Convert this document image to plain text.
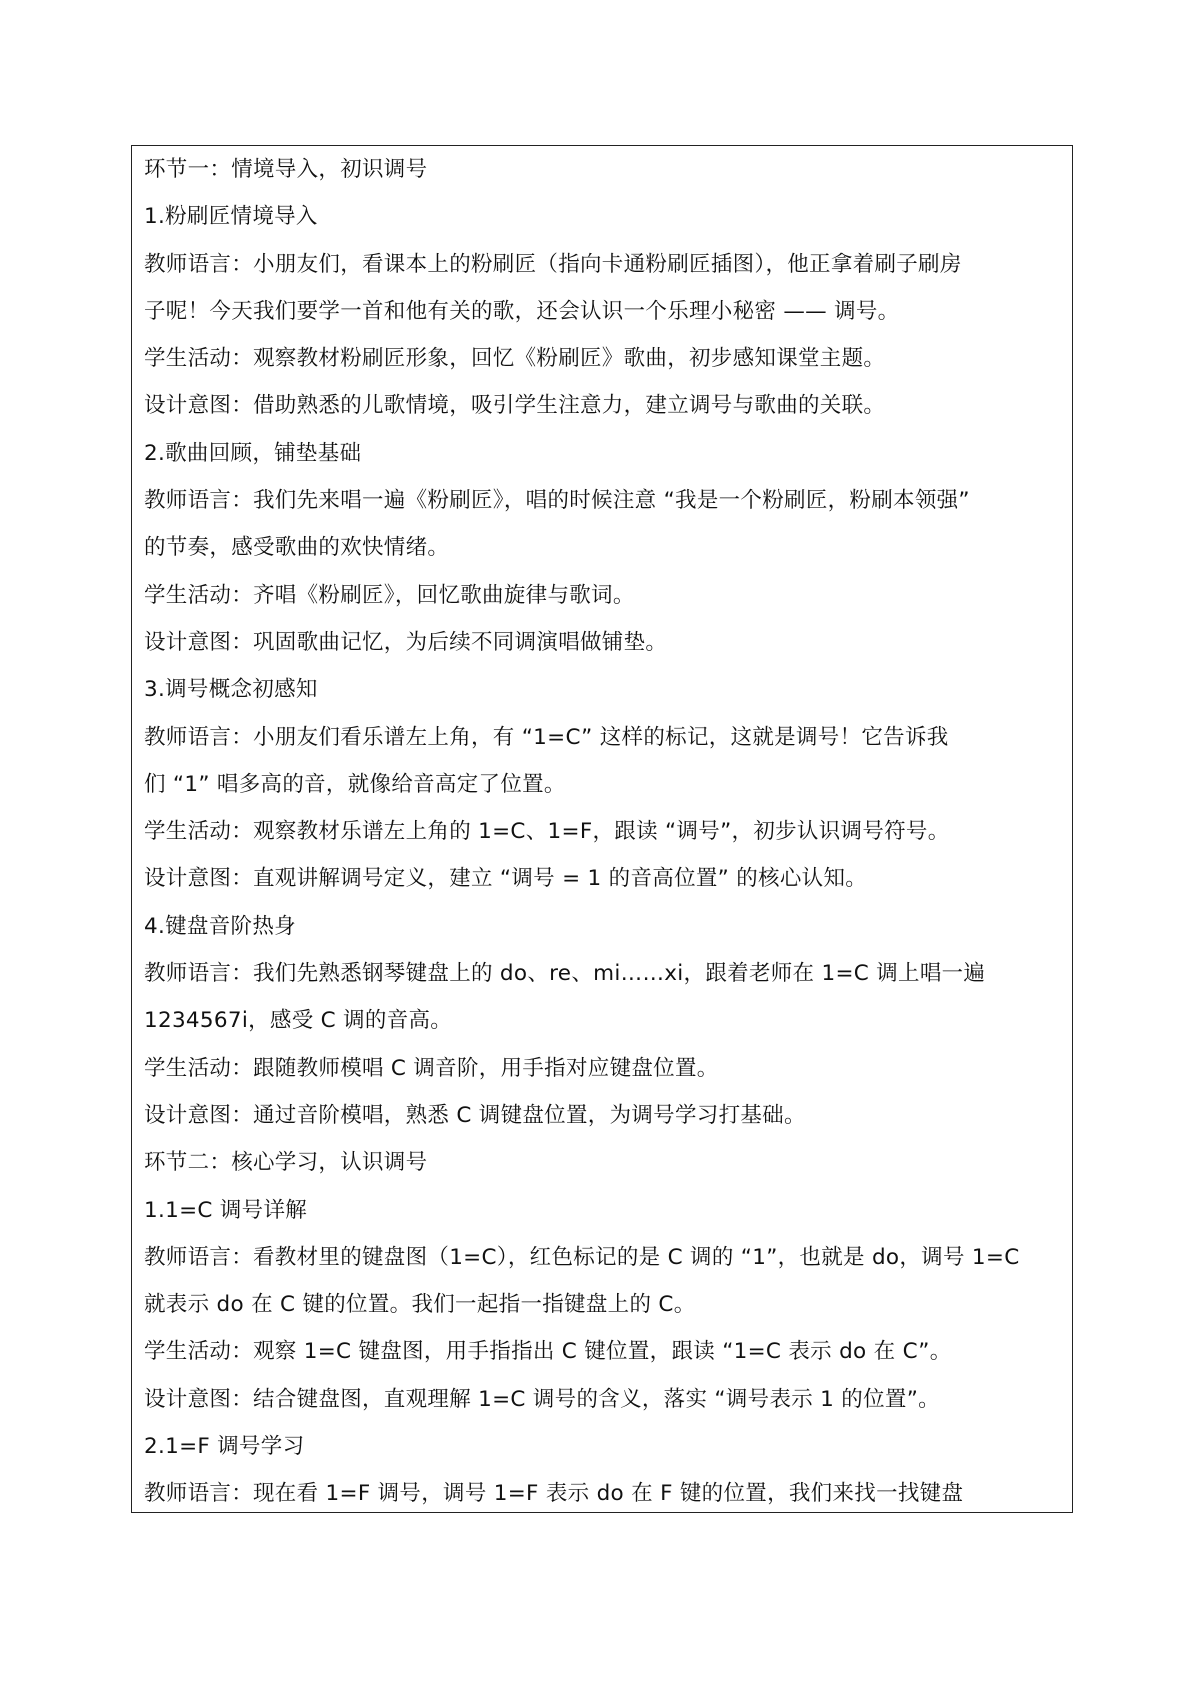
环节一：情境导入，初识调号
1.粉刷匠情境导入
教师语言：小朋友们，看课本上的粉刷匠（指向卡通粉刷匠插图），他正拿着刷子刷房
子呢！今天我们要学一首和他有关的歌，还会认识一个乐理小秘密 —— 调号。
学生活动：观察教材粉刷匠形象，回忆《粉刷匠》歌曲，初步感知课堂主题。
设计意图：借助熟悉的儿歌情境，吸引学生注意力，建立调号与歌曲的关联。
2.歌曲回顾，铺垫基础
教师语言：我们先来唱一遍《粉刷匠》，唱的时候注意 “我是一个粉刷匠，粉刷本领强”
的节奏，感受歌曲的欢快情绪。
学生活动：齐唱《粉刷匠》，回忆歌曲旋律与歌词。
设计意图：巩固歌曲记忆，为后续不同调演唱做铺垫。
3.调号概念初感知
教师语言：小朋友们看乐谱左上角，有 “1=C” 这样的标记，这就是调号！它告诉我
们 “1” 唱多高的音，就像给音高定了位置。
学生活动：观察教材乐谱左上角的 1=C、1=F，跟读 “调号”，初步认识调号符号。
设计意图：直观讲解调号定义，建立 “调号 = 1 的音高位置” 的核心认知。
4.键盘音阶热身
教师语言：我们先熟悉钢琴键盘上的 do、re、mi……xi，跟着老师在 1=C 调上唱一遍
1234567i，感受 C 调的音高。
学生活动：跟随教师模唱 C 调音阶，用手指对应键盘位置。
设计意图：通过音阶模唱，熟悉 C 调键盘位置，为调号学习打基础。
环节二：核心学习，认识调号
1.1=C 调号详解
教师语言：看教材里的键盘图（1=C），红色标记的是 C 调的 “1”，也就是 do，调号 1=C
就表示 do 在 C 键的位置。我们一起指一指键盘上的 C。
学生活动：观察 1=C 键盘图，用手指指出 C 键位置，跟读 “1=C 表示 do 在 C”。
设计意图：结合键盘图，直观理解 1=C 调号的含义，落实 “调号表示 1 的位置”。
2.1=F 调号学习
教师语言：现在看 1=F 调号，调号 1=F 表示 do 在 F 键的位置，我们来找一找键盘
